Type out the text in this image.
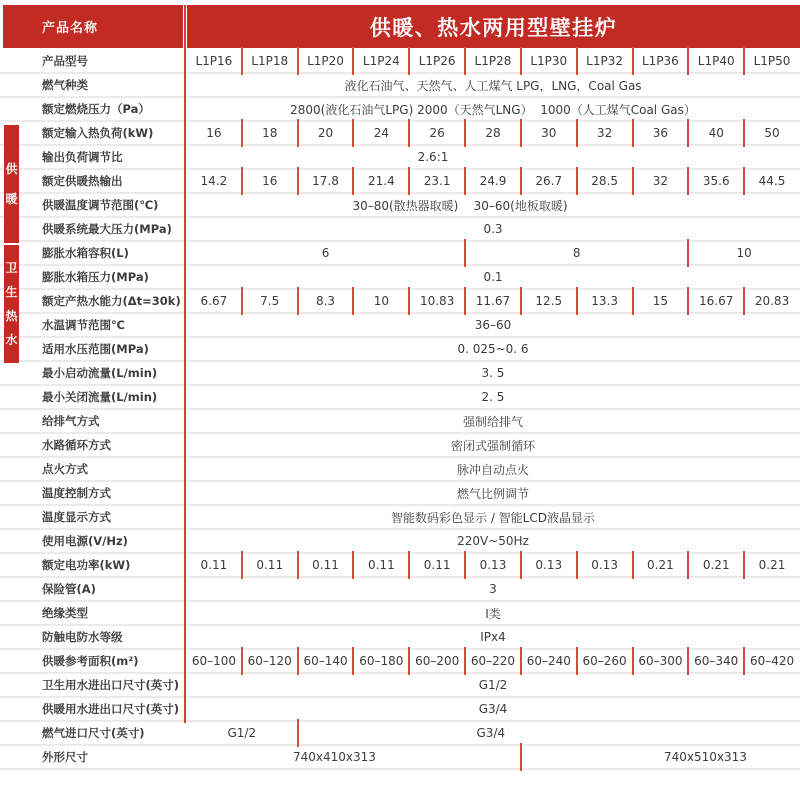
产品名称	供暖、热水两用型壁挂炉
产品型号	L1P16 L1P18 L1P20 L1P24 L1P26 L1P28 L1P30 L1P32 L1P36 L1P40 L1P50
燃气种类	液化石油气、天然气、人工煤气 LPG，LNG，Coal Gas
额定燃烧压力（Pa）	2800(液化石油气LPG) 2000（天然气LNG）  1000（人工煤气Coal Gas）
额定输入热负荷(kW)	16	18	20	24	26	28	30	32	36	40	50
输出负荷调节比	2.6:1
额定供暖热输出	14.2	16	17.8 21.4 23.1 24.9 26.7 28.5	32	35.6 44.5
供暖温度调节范围(℃)	30–80(散热器取暖)    30–60(地板取暖)
供暖系统最大压力(MPa)	0.3
膨胀水箱容积(L)	6	8	10
膨胀水箱压力(MPa)	0.1
额定产热水能力(Δt=30k) 6.67	7.5	8.3	10	10.83 11.67 12.5 13.3	15	16.67 20.83
水温调节范围℃	36–60
适用水压范围(MPa)	0. 025~0. 6
最小启动流量(L/min)	3. 5
最小关闭流量(L/min)	2. 5
给排气方式	强制给排气
水路循环方式	密闭式强制循环
点火方式	脉冲自动点火
温度控制方式	燃气比例调节
温度显示方式	智能数码彩色显示 / 智能LCD液晶显示
使用电源(V/Hz)	220V~50Hz
额定电功率(kW)	0.11 0.11 0.11 0.11 0.11 0.13 0.13 0.13 0.21 0.21 0.21
保险管(A)	3
绝缘类型	I类
防触电防水等级	IPx4
供暖参考面积(m²)	60–100 60–120 60–140 60–180 60–200 60–220 60–240 60–260 60–300 60–340 60–420
卫生用水进出口尺寸(英寸)	G1/2
供暖用水进出口尺寸(英寸)	G3/4
燃气进口尺寸(英寸)	G1/2	G3/4
外形尺寸	740x410x313	740x510x313
供
暖
卫
生
热
水
